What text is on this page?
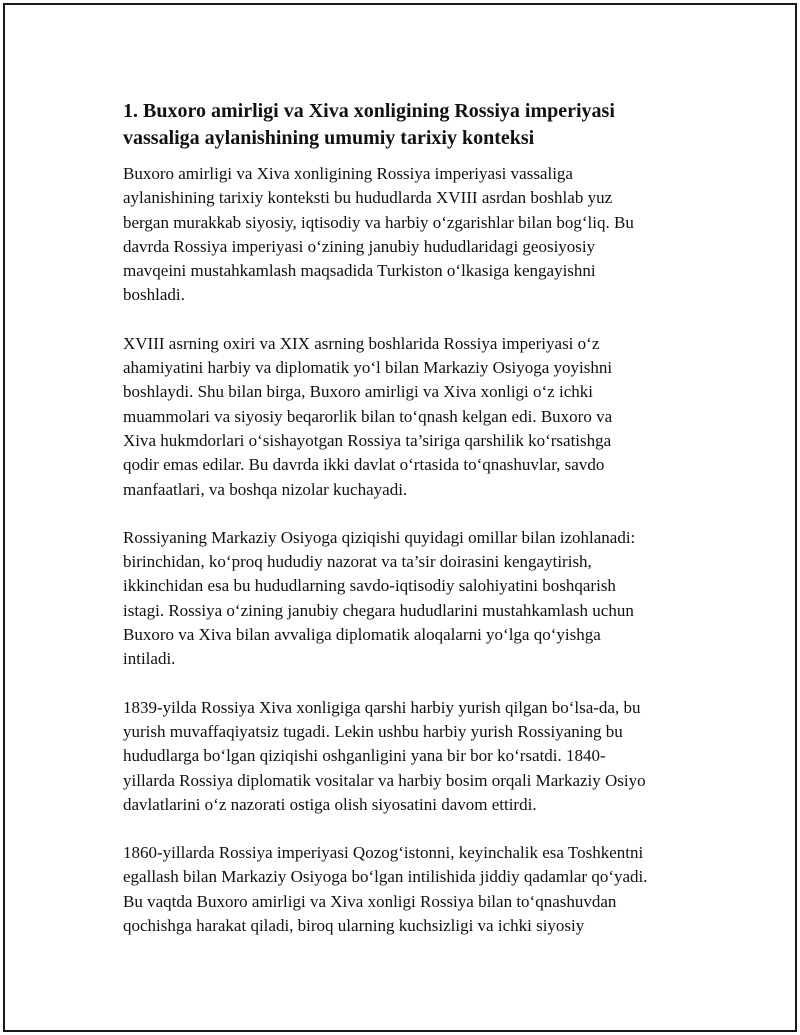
1. Buxoro amirligi va Xiva xonligining Rossiya imperiyasi
vassaliga aylanishining umumiy tarixiy konteksi

Buxoro amirligi va Xiva xonligining Rossiya imperiyasi vassaliga
aylanishining tarixiy konteksti bu hududlarda XVIII asrdan boshlab yuz
bergan murakkab siyosiy, iqtisodiy va harbiy o‘zgarishlar bilan bog‘liq. Bu
davrda Rossiya imperiyasi o‘zining janubiy hududlaridagi geosiyosiy
mavqeini mustahkamlash maqsadida Turkiston o‘lkasiga kengayishni
boshladi.

XVIII asrning oxiri va XIX asrning boshlarida Rossiya imperiyasi o‘z
ahamiyatini harbiy va diplomatik yo‘l bilan Markaziy Osiyoga yoyishni
boshlaydi. Shu bilan birga, Buxoro amirligi va Xiva xonligi o‘z ichki
muammolari va siyosiy beqarorlik bilan to‘qnash kelgan edi. Buxoro va
Xiva hukmdorlari o‘sishayotgan Rossiya ta’siriga qarshilik ko‘rsatishga
qodir emas edilar. Bu davrda ikki davlat o‘rtasida to‘qnashuvlar, savdo
manfaatlari, va boshqa nizolar kuchayadi.

Rossiyaning Markaziy Osiyoga qiziqishi quyidagi omillar bilan izohlanadi:
birinchidan, ko‘proq hududiy nazorat va ta’sir doirasini kengaytirish,
ikkinchidan esa bu hududlarning savdo-iqtisodiy salohiyatini boshqarish
istagi. Rossiya o‘zining janubiy chegara hududlarini mustahkamlash uchun
Buxoro va Xiva bilan avvaliga diplomatik aloqalarni yo‘lga qo‘yishga
intiladi.

1839-yilda Rossiya Xiva xonligiga qarshi harbiy yurish qilgan bo‘lsa-da, bu
yurish muvaffaqiyatsiz tugadi. Lekin ushbu harbiy yurish Rossiyaning bu
hududlarga bo‘lgan qiziqishi oshganligini yana bir bor ko‘rsatdi. 1840-
yillarda Rossiya diplomatik vositalar va harbiy bosim orqali Markaziy Osiyo
davlatlarini o‘z nazorati ostiga olish siyosatini davom ettirdi.

1860-yillarda Rossiya imperiyasi Qozog‘istonni, keyinchalik esa Toshkentni
egallash bilan Markaziy Osiyoga bo‘lgan intilishida jiddiy qadamlar qo‘yadi.
Bu vaqtda Buxoro amirligi va Xiva xonligi Rossiya bilan to‘qnashuvdan
qochishga harakat qiladi, biroq ularning kuchsizligi va ichki siyosiy
